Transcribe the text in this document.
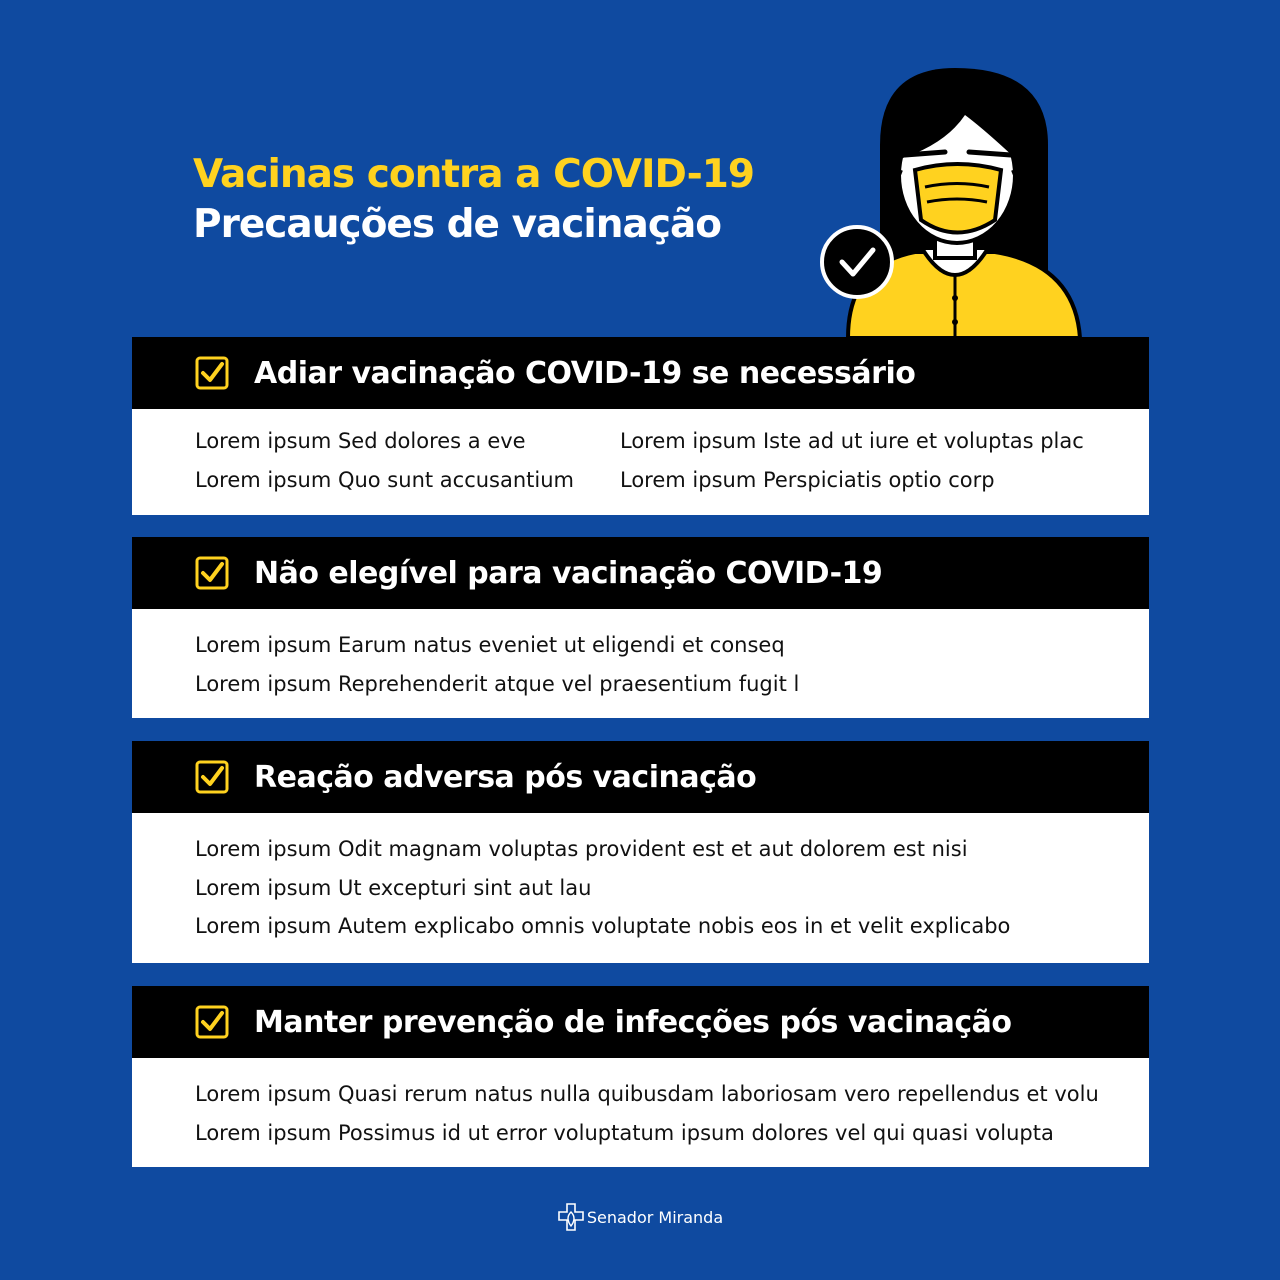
Vacinas contra a COVID-19
Precauções de vacinação
Adiar vacinação COVID-19 se necessário
Lorem ipsum Sed dolores a eve
Lorem ipsum Quo sunt accusantium
Lorem ipsum Iste ad ut iure et voluptas plac
Lorem ipsum Perspiciatis optio corp
Não elegível para vacinação COVID-19
Lorem ipsum Earum natus eveniet ut eligendi et conseq
Lorem ipsum Reprehenderit atque vel praesentium fugit l
Reação adversa pós vacinação
Lorem ipsum Odit magnam voluptas provident est et aut dolorem est nisi
Lorem ipsum Ut excepturi sint aut lau
Lorem ipsum Autem explicabo omnis voluptate nobis eos in et velit explicabo
Manter prevenção de infecções pós vacinação
Lorem ipsum Quasi rerum natus nulla quibusdam laboriosam vero repellendus et volu
Lorem ipsum Possimus id ut error voluptatum ipsum dolores vel qui quasi volupta
Senador Miranda
